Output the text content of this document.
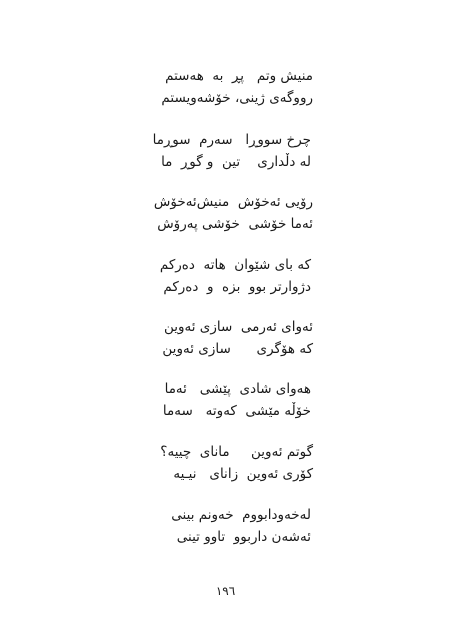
منیش وتم   پڕ  بە  هەستم
رووگەی ژینی، خۆشەویستم
چرخ سووڕا   سەرم  سوڕما
لە دڵداری    تین  و گوڕ  ما
رۆیی ئەخۆش  منیش‌ئەخۆش
ئەما خۆشی  خۆشی پەرۆش
کە بای شێوان  هاتە  دەرکم
دژوارتر بوو  بزە  و  دەرکم
ئەوای ئەرمی  سازی ئەوین
کە هۆگری      سازی ئەوین
هەوای شادی  پێشی   ئەما
خۆڵە مێشی  کەوتە   سەما
گوتم ئەوین     مانای  چییە؟
کۆری ئەوین  زانای   نیـیە
لەخەودابووم  خەونم بینی
ئەشەن داربوو  تاوو تینی
١٩٦
